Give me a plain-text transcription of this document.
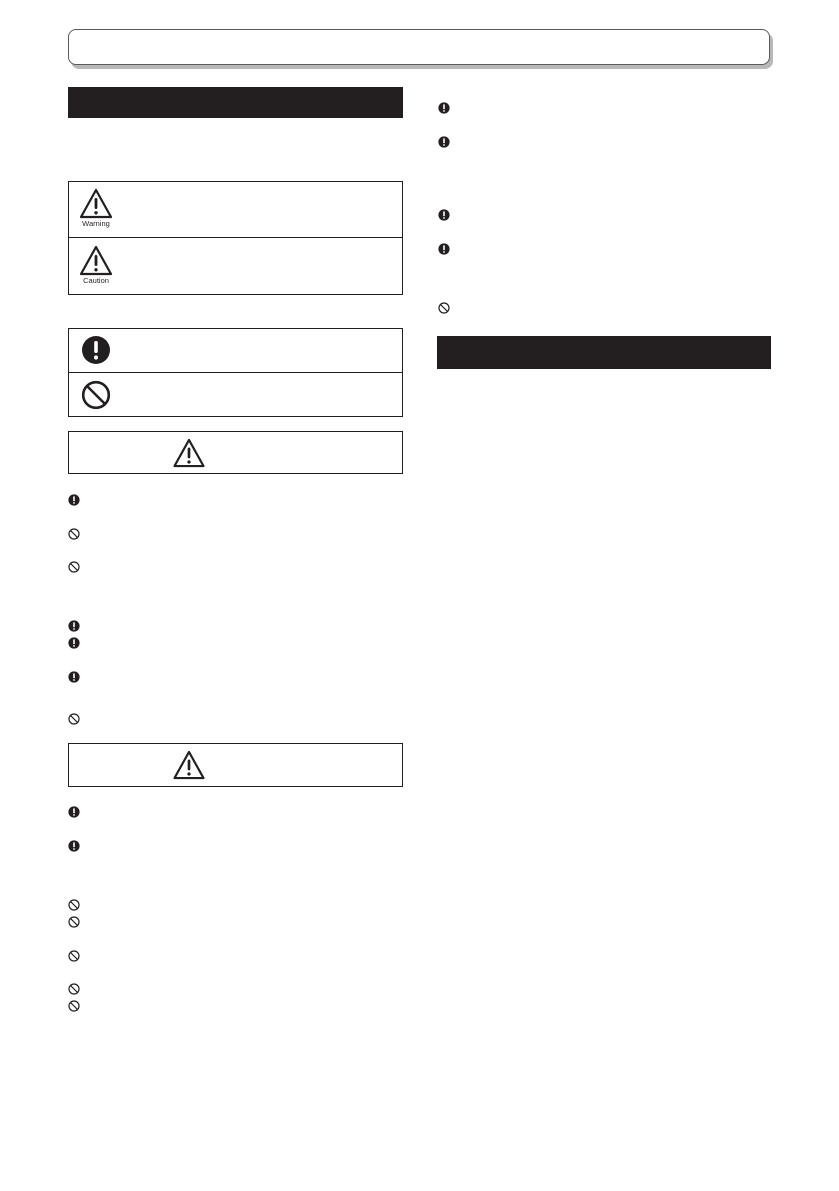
Warning
Caution
